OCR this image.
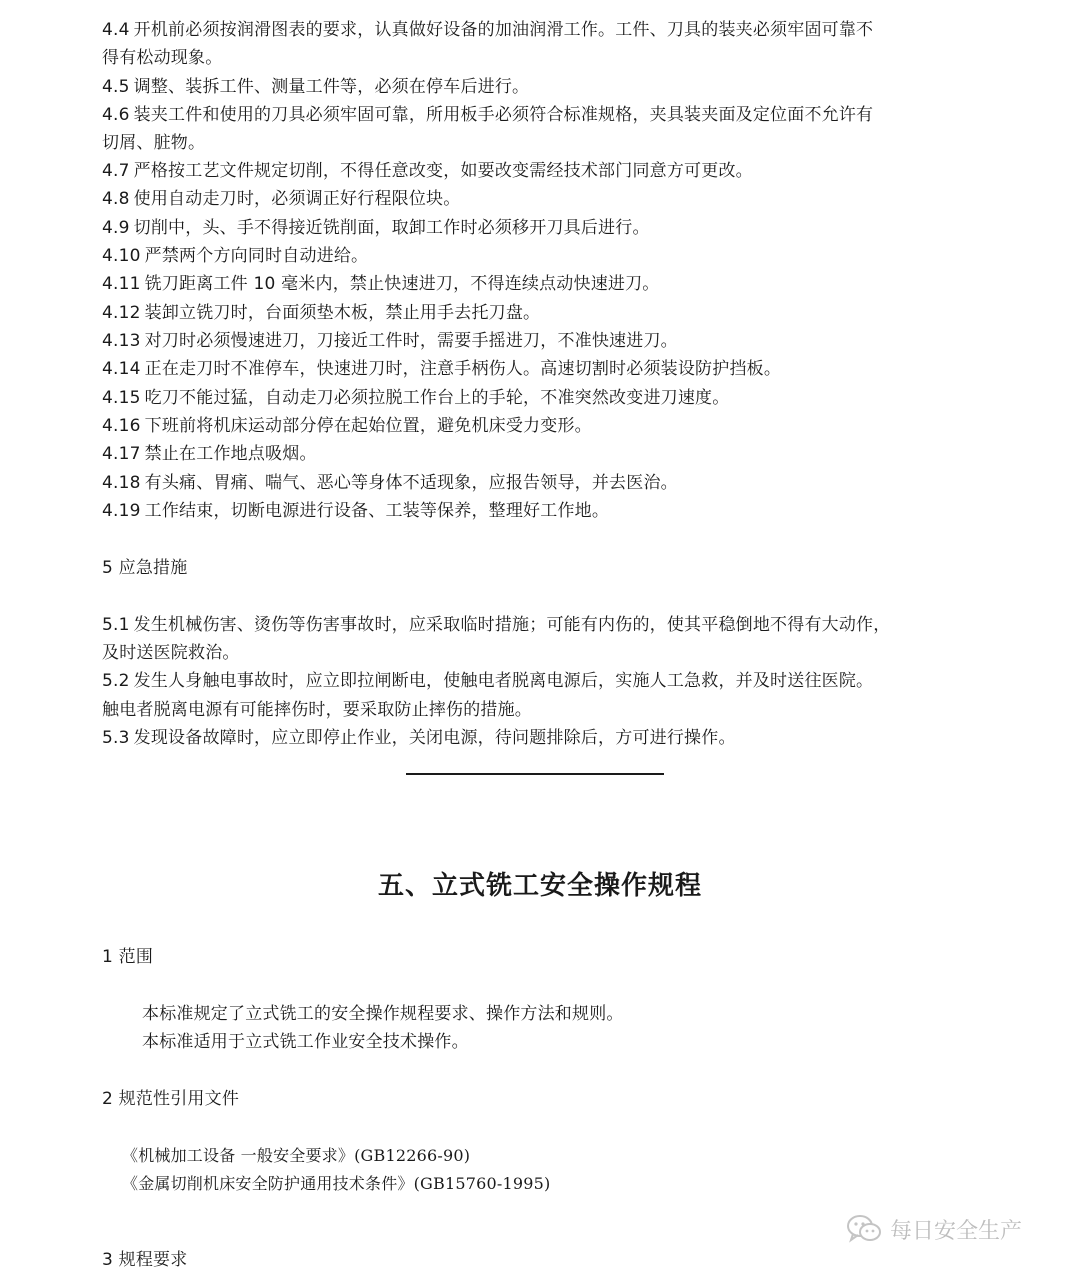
4.4 开机前必须按润滑图表的要求，认真做好设备的加油润滑工作。工件、刀具的装夹必须牢固可靠不
得有松动现象。
4.5 调整、装拆工件、测量工件等，必须在停车后进行。
4.6 装夹工件和使用的刀具必须牢固可靠，所用板手必须符合标准规格，夹具装夹面及定位面不允许有
切屑、脏物。
4.7 严格按工艺文件规定切削，不得任意改变，如要改变需经技术部门同意方可更改。
4.8 使用自动走刀时，必须调正好行程限位块。
4.9 切削中，头、手不得接近铣削面，取卸工作时必须移开刀具后进行。
4.10 严禁两个方向同时自动进给。
4.11 铣刀距离工件 10 毫米内，禁止快速进刀，不得连续点动快速进刀。
4.12 装卸立铣刀时，台面须垫木板，禁止用手去托刀盘。
4.13 对刀时必须慢速进刀，刀接近工件时，需要手摇进刀，不准快速进刀。
4.14 正在走刀时不准停车，快速进刀时，注意手柄伤人。高速切割时必须装设防护挡板。
4.15 吃刀不能过猛，自动走刀必须拉脱工作台上的手轮，不准突然改变进刀速度。
4.16 下班前将机床运动部分停在起始位置，避免机床受力变形。
4.17 禁止在工作地点吸烟。
4.18 有头痛、胃痛、喘气、恶心等身体不适现象，应报告领导，并去医治。
4.19 工作结束，切断电源进行设备、工装等保养，整理好工作地。
5 应急措施
5.1 发生机械伤害、烫伤等伤害事故时，应采取临时措施；可能有内伤的，使其平稳倒地不得有大动作，
及时送医院救治。
5.2 发生人身触电事故时，应立即拉闸断电，使触电者脱离电源后，实施人工急救，并及时送往医院。
触电者脱离电源有可能摔伤时，要采取防止摔伤的措施。
5.3 发现设备故障时，应立即停止作业，关闭电源，待问题排除后，方可进行操作。
五、立式铣工安全操作规程
1 范围
本标准规定了立式铣工的安全操作规程要求、操作方法和规则。
本标准适用于立式铣工作业安全技术操作。
2 规范性引用文件
《机械加工设备 一般安全要求》(GB12266-90)
《金属切削机床安全防护通用技术条件》(GB15760-1995)
3 规程要求
每日安全生产
